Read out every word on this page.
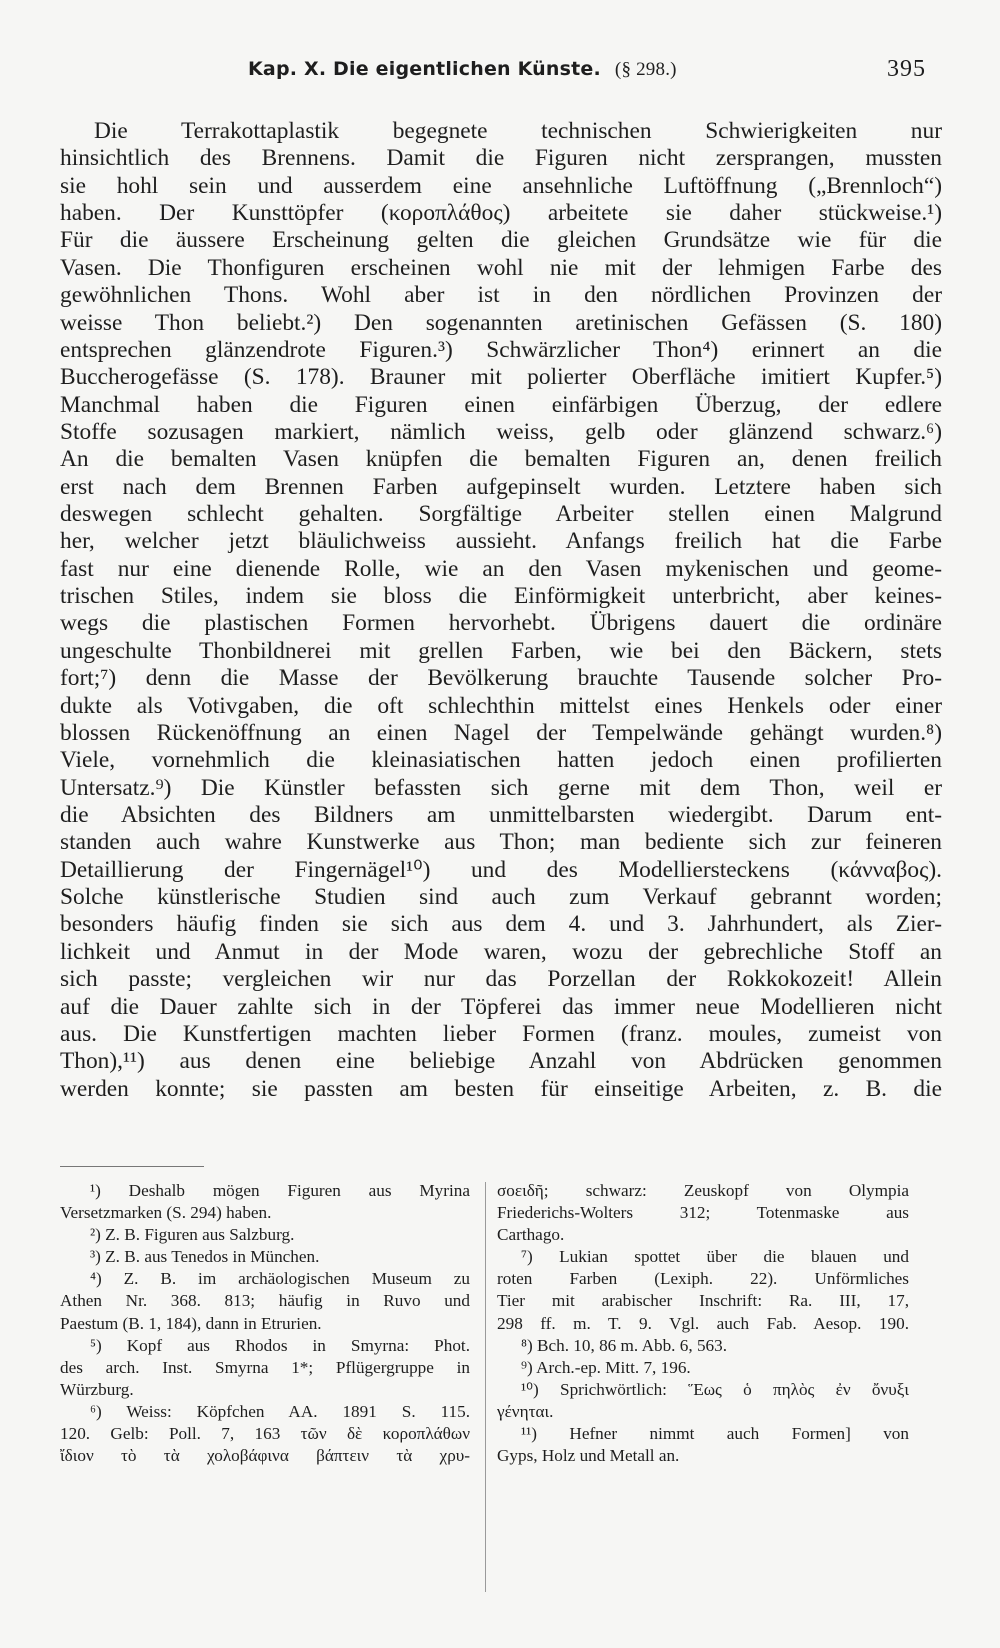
Kap. X. Die eigentlichen Künste. (§ 298.)	395
Die Terrakottaplastik begegnete technischen Schwierigkeiten nur
hinsichtlich des Brennens. Damit die Figuren nicht zersprangen, mussten
sie hohl sein und ausserdem eine ansehnliche Luftöffnung („Brennloch“)
haben. Der Kunsttöpfer (κοροπλάθος) arbeitete sie daher stückweise.¹)
Für die äussere Erscheinung gelten die gleichen Grundsätze wie für die
Vasen. Die Thonfiguren erscheinen wohl nie mit der lehmigen Farbe des
gewöhnlichen Thons. Wohl aber ist in den nördlichen Provinzen der
weisse Thon beliebt.²) Den sogenannten aretinischen Gefässen (S. 180)
entsprechen glänzendrote Figuren.³) Schwärzlicher Thon⁴) erinnert an die
Buccherogefässe (S. 178). Brauner mit polierter Oberfläche imitiert Kupfer.⁵)
Manchmal haben die Figuren einen einfärbigen Überzug, der edlere
Stoffe sozusagen markiert, nämlich weiss, gelb oder glänzend schwarz.⁶)
An die bemalten Vasen knüpfen die bemalten Figuren an, denen freilich
erst nach dem Brennen Farben aufgepinselt wurden. Letztere haben sich
deswegen schlecht gehalten. Sorgfältige Arbeiter stellen einen Malgrund
her, welcher jetzt bläulichweiss aussieht. Anfangs freilich hat die Farbe
fast nur eine dienende Rolle, wie an den Vasen mykenischen und geome-
trischen Stiles, indem sie bloss die Einförmigkeit unterbricht, aber keines-
wegs die plastischen Formen hervorhebt. Übrigens dauert die ordinäre
ungeschulte Thonbildnerei mit grellen Farben, wie bei den Bäckern, stets
fort;⁷) denn die Masse der Bevölkerung brauchte Tausende solcher Pro-
dukte als Votivgaben, die oft schlechthin mittelst eines Henkels oder einer
blossen Rückenöffnung an einen Nagel der Tempelwände gehängt wurden.⁸)
Viele, vornehmlich die kleinasiatischen hatten jedoch einen profilierten
Untersatz.⁹) Die Künstler befassten sich gerne mit dem Thon, weil er
die Absichten des Bildners am unmittelbarsten wiedergibt. Darum ent-
standen auch wahre Kunstwerke aus Thon; man bediente sich zur feineren
Detaillierung der Fingernägel¹⁰) und des Modelliersteckens (κάνναβος).
Solche künstlerische Studien sind auch zum Verkauf gebrannt worden;
besonders häufig finden sie sich aus dem 4. und 3. Jahrhundert, als Zier-
lichkeit und Anmut in der Mode waren, wozu der gebrechliche Stoff an
sich passte; vergleichen wir nur das Porzellan der Rokkokozeit! Allein
auf die Dauer zahlte sich in der Töpferei das immer neue Modellieren nicht
aus. Die Kunstfertigen machten lieber Formen (franz. moules, zumeist von
Thon),¹¹) aus denen eine beliebige Anzahl von Abdrücken genommen
werden konnte; sie passten am besten für einseitige Arbeiten, z. B. die
¹) Deshalb mögen Figuren aus Myrina
Versetzmarken (S. 294) haben.
²) Z. B. Figuren aus Salzburg.
³) Z. B. aus Tenedos in München.
⁴) Z. B. im archäologischen Museum zu
Athen Nr. 368. 813; häufig in Ruvo und
Paestum (B. 1, 184), dann in Etrurien.
⁵) Kopf aus Rhodos in Smyrna: Phot.
des arch. Inst. Smyrna 1*; Pflügergruppe in
Würzburg.
⁶) Weiss: Köpfchen AA. 1891 S. 115.
120. Gelb: Poll. 7, 163 τῶν δὲ κοροπλάθων
ἴδιον τὸ τὰ χολοβάφινα βάπτειν τὰ χρυ-
σοειδῆ; schwarz: Zeuskopf von Olympia
Friederichs-Wolters 312; Totenmaske aus
Carthago.
⁷) Lukian spottet über die blauen und
roten Farben (Lexiph. 22). Unförmliches
Tier mit arabischer Inschrift: Ra. III, 17,
298 ff. m. T. 9. Vgl. auch Fab. Aesop. 190.
⁸) Bch. 10, 86 m. Abb. 6, 563.
⁹) Arch.-ep. Mitt. 7, 196.
¹⁰) Sprichwörtlich: Ἕως ὁ πηλὸς ἐν ὄνυξι
γένηται.
¹¹) Hefner nimmt auch Formen] von
Gyps, Holz und Metall an.
